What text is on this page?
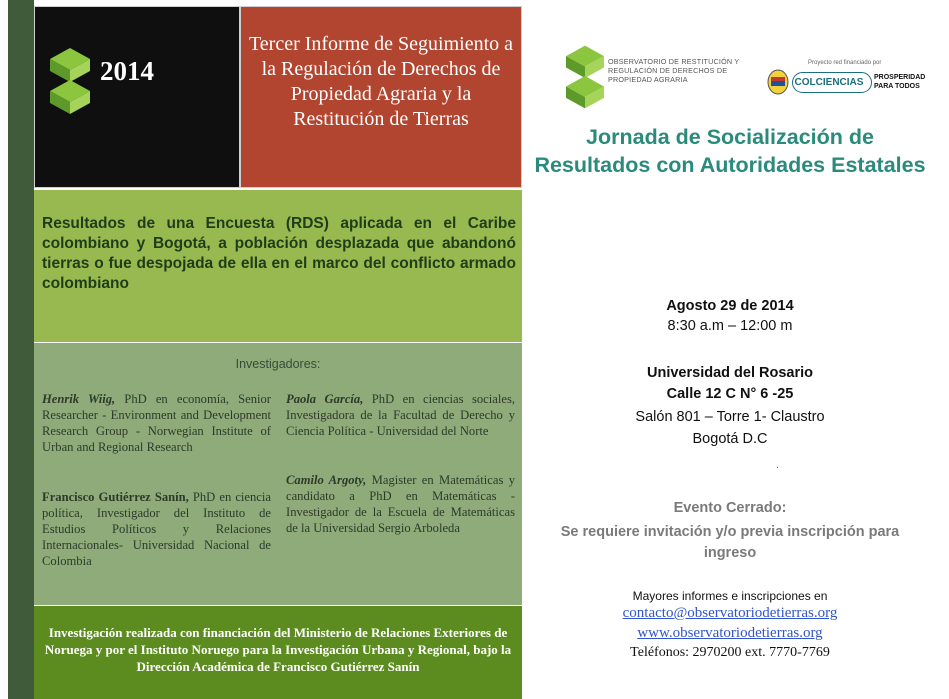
2014
Tercer Informe de Seguimiento a la Regulación de Derechos de Propiedad Agraria y la Restitución de Tierras
Resultados de una Encuesta (RDS) aplicada en el Caribe colombiano y Bogotá, a población desplazada que abandonó tierras o fue despojada de ella en el marco del conflicto armado colombiano
Investigadores:
Henrik Wiig, PhD en economía, Senior Researcher - Environment and Development Research Group - Norwegian Institute of Urban and Regional Research
Francisco Gutiérrez Sanín, PhD en ciencia política, Investigador del Instituto de Estudios Políticos y Relaciones Internacionales- Universidad Nacional de Colombia
Paola García, PhD en ciencias sociales, Investigadora de la Facultad de Derecho y Ciencia Política - Universidad del Norte
Camilo Argoty, Magister en Matemáticas y candidato a PhD en Matemáticas - Investigador de la Escuela de Matemáticas de la Universidad Sergio Arboleda
Investigación realizada con financiación del Ministerio de Relaciones Exteriores de Noruega y por el Instituto Noruego para la Investigación Urbana y Regional, bajo la Dirección Académica de Francisco Gutiérrez Sanín
OBSERVATORIO DE RESTITUCIÓN Y REGULACIÓN DE DERECHOS DE PROPIEDAD AGRARIA
Proyecto red financiado por
COLCIENCIAS	PROSPERIDAD PARA TODOS
Jornada de Socialización de Resultados con Autoridades Estatales
Agosto 29 de 2014
8:30 a.m – 12:00 m
Universidad del Rosario
Calle 12 C N° 6 -25
Salón 801 – Torre 1- Claustro
Bogotá D.C
.
Evento Cerrado:
Se requiere invitación y/o previa inscripción para ingreso
Mayores informes e inscripciones en
contacto@observatoriodetierras.org
www.observatoriodetierras.org
Teléfonos: 2970200 ext. 7770-7769
